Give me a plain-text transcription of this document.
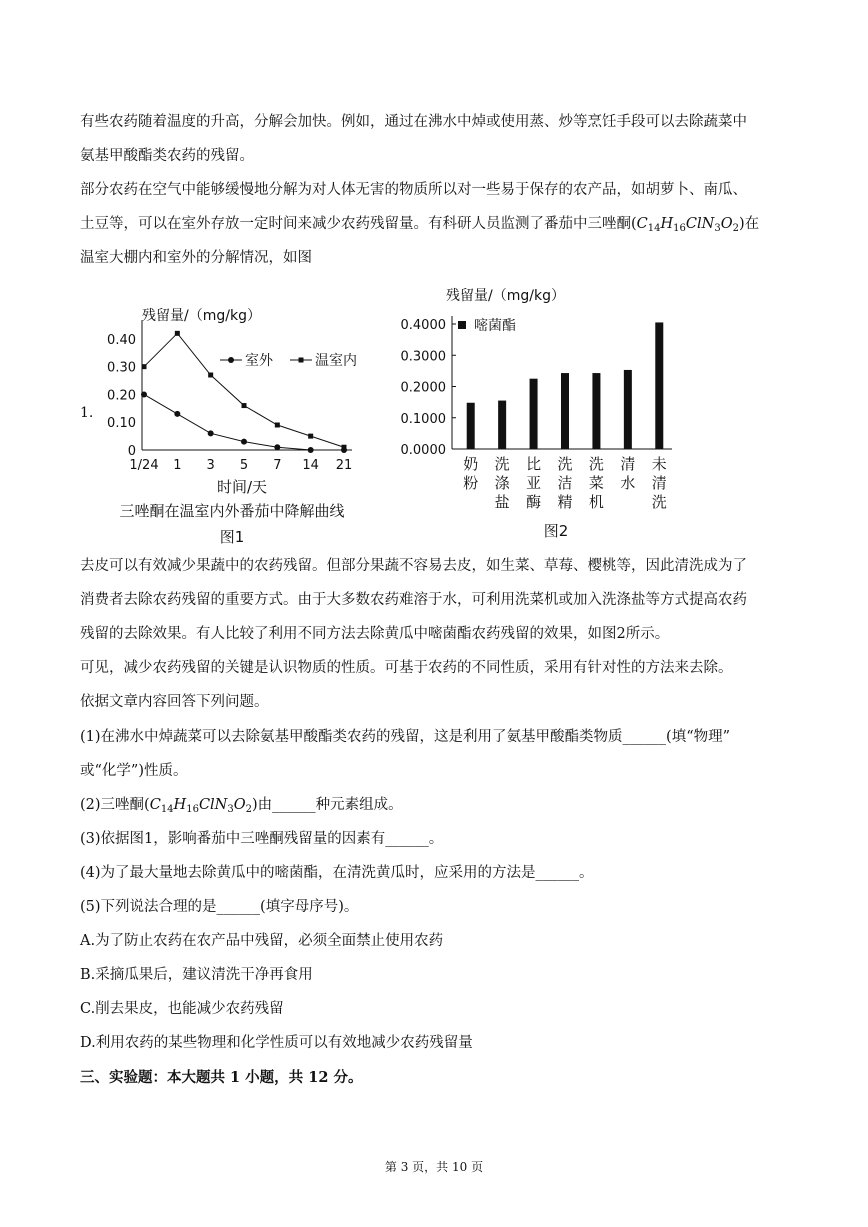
有些农药随着温度的升高，分解会加快。例如，通过在沸水中焯或使用蒸、炒等烹饪手段可以去除蔬菜中
氨基甲酸酯类农药的残留。
部分农药在空气中能够缓慢地分解为对人体无害的物质所以对一些易于保存的农产品，如胡萝卜、南瓜、
土豆等，可以在室外存放一定时间来减少农药残留量。有科研人员监测了番茄中三唑酮$(C_{14}H_{16}ClN_3O_2)$在
温室大棚内和室外的分解情况，如图
1.
残留量/（mg/kg）
0.40
0.30
0.20
0.10
0
1/24 1 3 5 7 14 21
时间/天
三唑酮在温室内外番茄中降解曲线
图1
室外	温室内
残留量/（mg/kg）
0.4000
0.3000
0.2000
0.1000
0.0000
嘧菌酯
奶
粉
洗
涤
盐
比
亚
酶
洗
洁
精
洗
菜
机
清
水
未
清
洗
图2
去皮可以有效减少果蔬中的农药残留。但部分果蔬不容易去皮，如生菜、草莓、樱桃等，因此清洗成为了
消费者去除农药残留的重要方式。由于大多数农药难溶于水，可利用洗菜机或加入洗涤盐等方式提高农药
残留的去除效果。有人比较了利用不同方法去除黄瓜中嘧菌酯农药残留的效果，如图2所示。
可见，减少农药残留的关键是认识物质的性质。可基于农药的不同性质，采用有针对性的方法来去除。
依据文章内容回答下列问题。
(1)在沸水中焯蔬菜可以去除氨基甲酸酯类农药的残留，这是利用了氨基甲酸酯类物质______(填“物理”
或“化学”)性质。
(2)三唑酮$(C_{14}H_{16}ClN_3O_2)$由______种元素组成。
(3)依据图1，影响番茄中三唑酮残留量的因素有______。
(4)为了最大量地去除黄瓜中的嘧菌酯，在清洗黄瓜时，应采用的方法是______。
(5)下列说法合理的是______(填字母序号)。
A.为了防止农药在农产品中残留，必须全面禁止使用农药
B.采摘瓜果后，建议清洗干净再食用
C.削去果皮，也能减少农药残留
D.利用农药的某些物理和化学性质可以有效地减少农药残留量
三、实验题：本大题共 1 小题，共 12 分。
第 3 页，共 10 页
